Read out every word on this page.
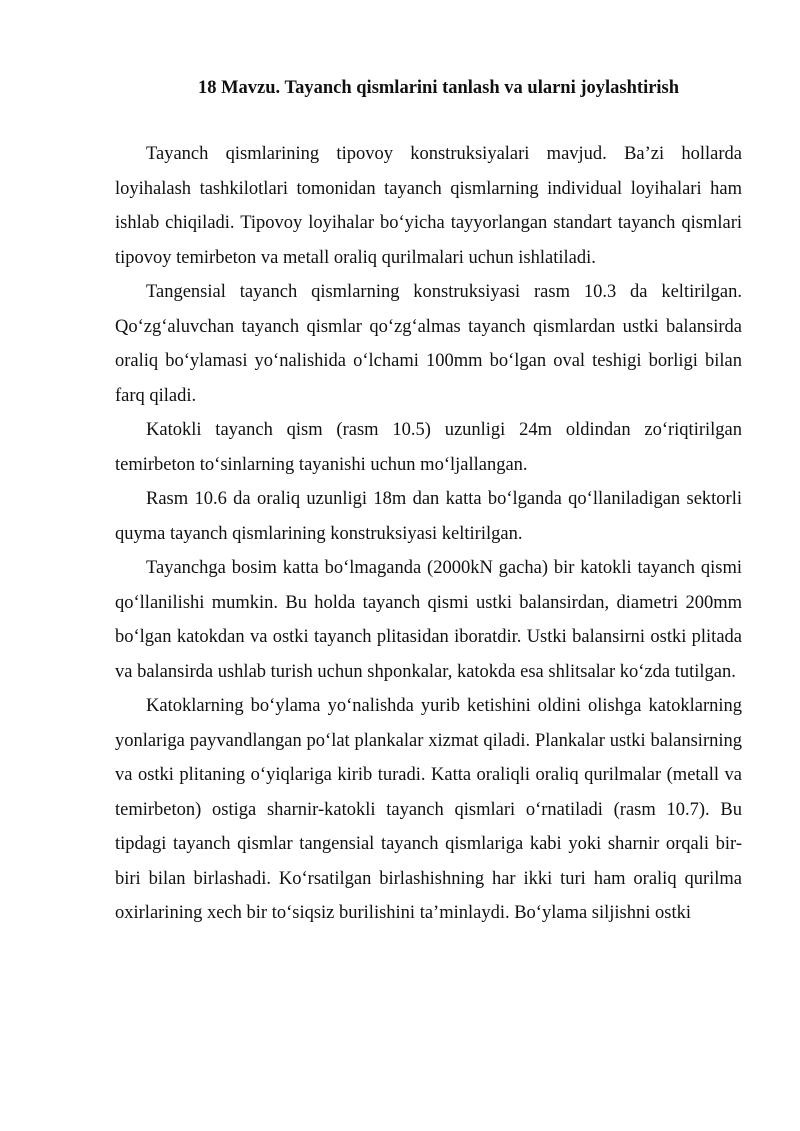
18 Mavzu. Tayanch qismlarini tanlash va ularni joylashtirish

Tayanch qismlarining tipovoy konstruksiyalari mavjud. Ba’zi hollarda loyihalash tashkilotlari tomonidan tayanch qismlarning individual loyihalari ham ishlab chiqiladi. Tipovoy loyihalar bo‘yicha tayyorlangan standart tayanch qismlari tipovoy temirbeton va metall oraliq qurilmalari uchun ishlatiladi.

Tangensial tayanch qismlarning konstruksiyasi rasm 10.3 da keltirilgan. Qo‘zg‘aluvchan tayanch qismlar qo‘zg‘almas tayanch qismlardan ustki balansirda oraliq bo‘ylamasi yo‘nalishida o‘lchami 100mm bo‘lgan oval teshigi borligi bilan farq qiladi.

Katokli tayanch qism (rasm 10.5) uzunligi 24m oldindan zo‘riqtirilgan temirbeton to‘sinlarning tayanishi uchun mo‘ljallangan.

Rasm 10.6 da oraliq uzunligi 18m dan katta bo‘lganda qo‘llaniladigan sektorli quyma tayanch qismlarining konstruksiyasi keltirilgan.

Tayanchga bosim katta bo‘lmaganda (2000kN gacha) bir katokli tayanch qismi qo‘llanilishi mumkin. Bu holda tayanch qismi ustki balansirdan, diametri 200mm bo‘lgan katokdan va ostki tayanch plitasidan iboratdir. Ustki balansirni ostki plitada va balansirda ushlab turish uchun shponkalar, katokda esa shlitsalar ko‘zda tutilgan.

Katoklarning bo‘ylama yo‘nalishda yurib ketishini oldini olishga katoklarning yonlariga payvandlangan po‘lat plankalar xizmat qiladi. Plankalar ustki balansirning va ostki plitaning o‘yiqlariga kirib turadi. Katta oraliqli oraliq qurilmalar (metall va temirbeton) ostiga sharnir-katokli tayanch qismlari o‘rnatiladi (rasm 10.7). Bu tipdagi tayanch qismlar tangensial tayanch qismlariga kabi yoki sharnir orqali bir-biri bilan birlashadi. Ko‘rsatilgan birlashishning har ikki turi ham oraliq qurilma oxirlarining xech bir to‘siqsiz burilishini ta’minlaydi. Bo‘ylama siljishni ostki
